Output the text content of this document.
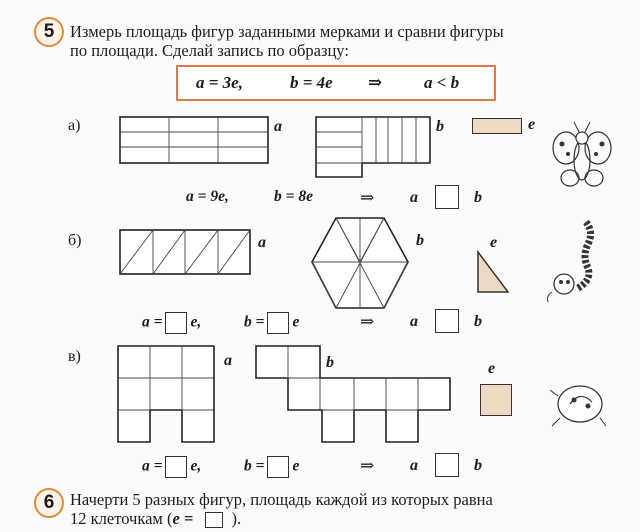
5 Измерь площадь фигур заданными мерками и сравни фигуры
по площади. Сделай запись по образцу:
a = 3e,	b = 4e ⇒ a < b
а)	a	b	e
a = 9e,	b = 8e	⇒ a	b
б)	a	b	e
a = e,	b = e	⇒ a	b
в)	a	b	e
a = e,	b = e	⇒ a	b
6 Начерти 5 разных фигур, площадь каждой из которых равна
12 клеточкам (e = ).
